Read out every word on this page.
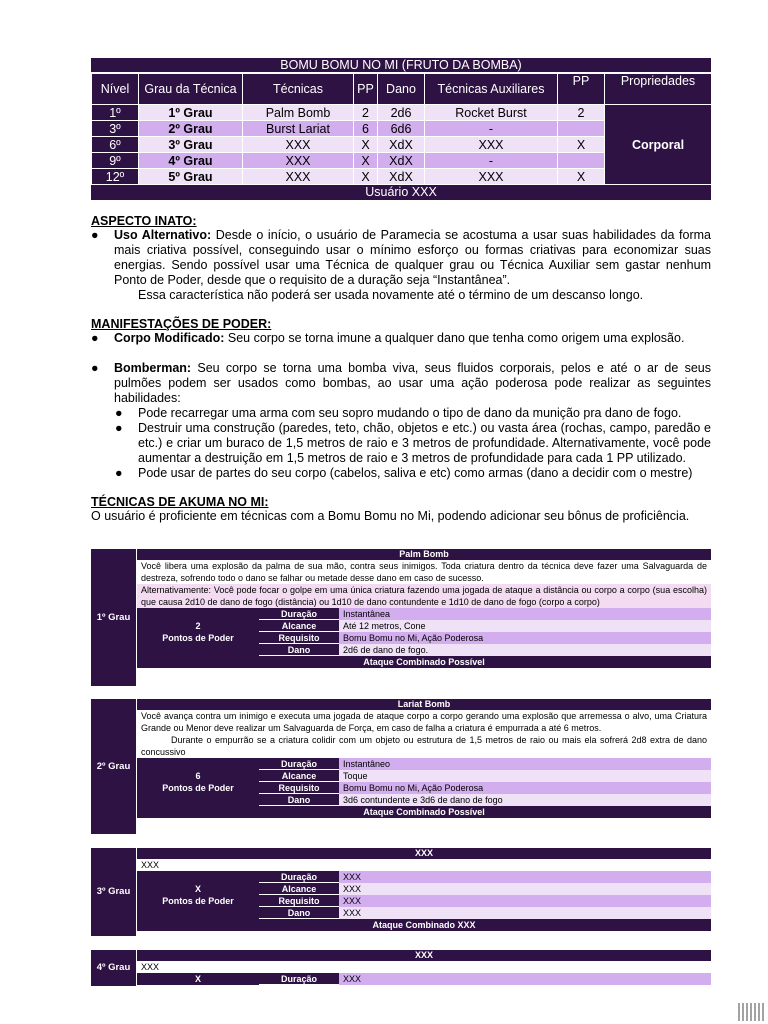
BOMU BOMU NO MI (FRUTO DA BOMBA)
Nível	Grau da Técnica	Técnicas	PP	Dano	Técnicas Auxiliares	PP	Propriedades
1º	1º Grau	Palm Bomb	2	2d6	Rocket Burst	2	Corporal
3º	2º Grau	Burst Lariat	6	6d6	-		
6º	3º Grau	XXX	X	XdX	XXX	X	
9º	4º Grau	XXX	X	XdX	-		
12º	5º Grau	XXX	X	XdX	XXX	X	
Usuário XXX

ASPECTO INATO:

● Uso Alternativo: Desde o início, o usuário de Paramecia se acostuma a usar suas habilidades da forma mais criativa possível, conseguindo usar o mínimo esforço ou formas criativas para economizar suas energias. Sendo possível usar uma Técnica de qualquer grau ou Técnica Auxiliar sem gastar nenhum Ponto de Poder, desde que o requisito de a duração seja “Instantânea”.
Essa característica não poderá ser usada novamente até o término de um descanso longo.

MANIFESTAÇÕES DE PODER:

● Corpo Modificado: Seu corpo se torna imune a qualquer dano que tenha como origem uma explosão.
● Bomberman: Seu corpo se torna uma bomba viva, seus fluidos corporais, pelos e até o ar de seus pulmões podem ser usados como bombas, ao usar uma ação poderosa pode realizar as seguintes habilidades:
● Pode recarregar uma arma com seu sopro mudando o tipo de dano da munição pra dano de fogo.
● Destruir uma construção (paredes, teto, chão, objetos e etc.) ou vasta área (rochas, campo, paredão e etc.) e criar um buraco de 1,5 metros de raio e 3 metros de profundidade. Alternativamente, você pode aumentar a destruição em 1,5 metros de raio e 3 metros de profundidade para cada 1 PP utilizado.
● Pode usar de partes do seu corpo (cabelos, saliva e etc) como armas (dano a decidir com o mestre)

TÉCNICAS DE AKUMA NO MI:

O usuário é proficiente em técnicas com a Bomu Bomu no Mi, podendo adicionar seu bônus de proficiência.
1º Grau
Palm Bomb
Você libera uma explosão da palma de sua mão, contra seus inimigos. Toda criatura dentro da técnica deve fazer uma Salvaguarda de destreza, sofrendo todo o dano se falhar ou metade desse dano em caso de sucesso.
Alternativamente: Você pode focar o golpe em uma única criatura fazendo uma jogada de ataque a distância ou corpo a corpo (sua escolha) que causa 2d10 de dano de fogo (distância) ou 1d10 de dano contundente e 1d10 de dano de fogo (corpo a corpo)
2
Pontos de Poder
Duração	Instantânea
Alcance	Até 12 metros, Cone
Requisito	Bomu Bomu no Mi, Ação Poderosa
Dano	2d6 de dano de fogo.
Ataque Combinado Possível
2º Grau
Lariat Bomb
Você avança contra um inimigo e executa uma jogada de ataque corpo a corpo gerando uma explosão que arremessa o alvo, uma Criatura Grande ou Menor deve realizar um Salvaguarda de Força, em caso de falha a criatura é empurrada a até 6 metros.
Durante o empurrão se a criatura colidir com um objeto ou estrutura de 1,5 metros de raio ou mais ela sofrerá 2d8 extra de dano concussivo
6
Pontos de Poder
Duração	Instantâneo
Alcance	Toque
Requisito	Bomu Bomu no Mi, Ação Poderosa
Dano	3d6 contundente e 3d6 de dano de fogo
Ataque Combinado Possível
3º Grau
XXX
XXX
X
Pontos de Poder
Duração	XXX
Alcance	XXX
Requisito	XXX
Dano	XXX
Ataque Combinado XXX
4º Grau
XXX
XXX
X	Duração	XXX
